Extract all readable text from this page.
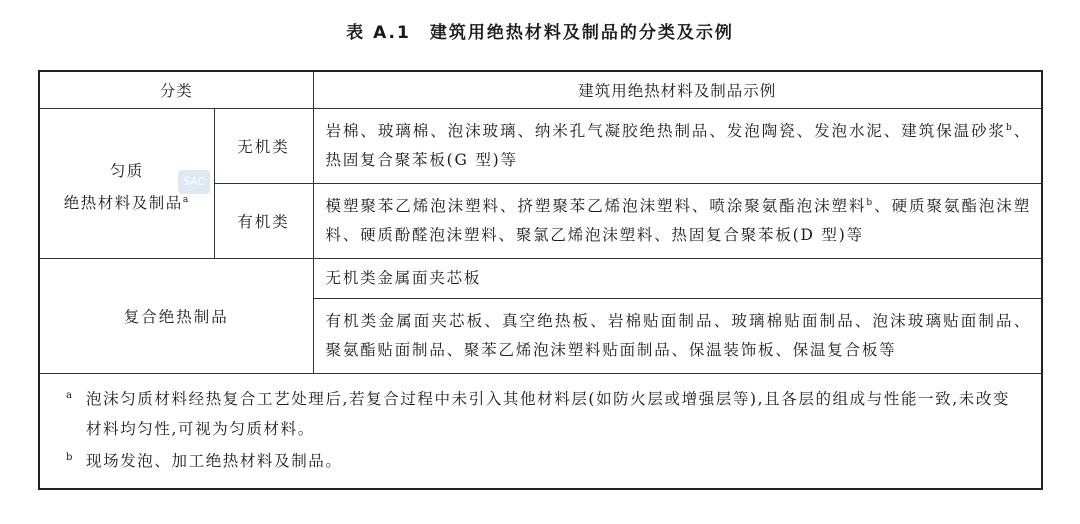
表 A.1　建筑用绝热材料及制品的分类及示例
SAC
分类		建筑用绝热材料及制品示例

匀质
绝热材料及制品$^a$	无机类	岩棉、玻璃棉、泡沫玻璃、纳米孔气凝胶绝热制品、发泡陶瓷、发泡水泥、建筑保温砂浆$^b$、热固复合聚苯板(G 型)等
	有机类	模塑聚苯乙烯泡沫塑料、挤塑聚苯乙烯泡沫塑料、喷涂聚氨酯泡沫塑料$^b$、硬质聚氨酯泡沫塑料、硬质酚醛泡沫塑料、聚氯乙烯泡沫塑料、热固复合聚苯板(D 型)等
复合绝热制品		无机类金属面夹芯板
		有机类金属面夹芯板、真空绝热板、岩棉贴面制品、玻璃棉贴面制品、泡沫玻璃贴面制品、聚氨酯贴面制品、聚苯乙烯泡沫塑料贴面制品、保温装饰板、保温复合板等

a 泡沫匀质材料经热复合工艺处理后,若复合过程中未引入其他材料层(如防火层或增强层等),且各层的组成与性能一致,未改变材料均匀性,可视为匀质材料。
b 现场发泡、加工绝热材料及制品。		
